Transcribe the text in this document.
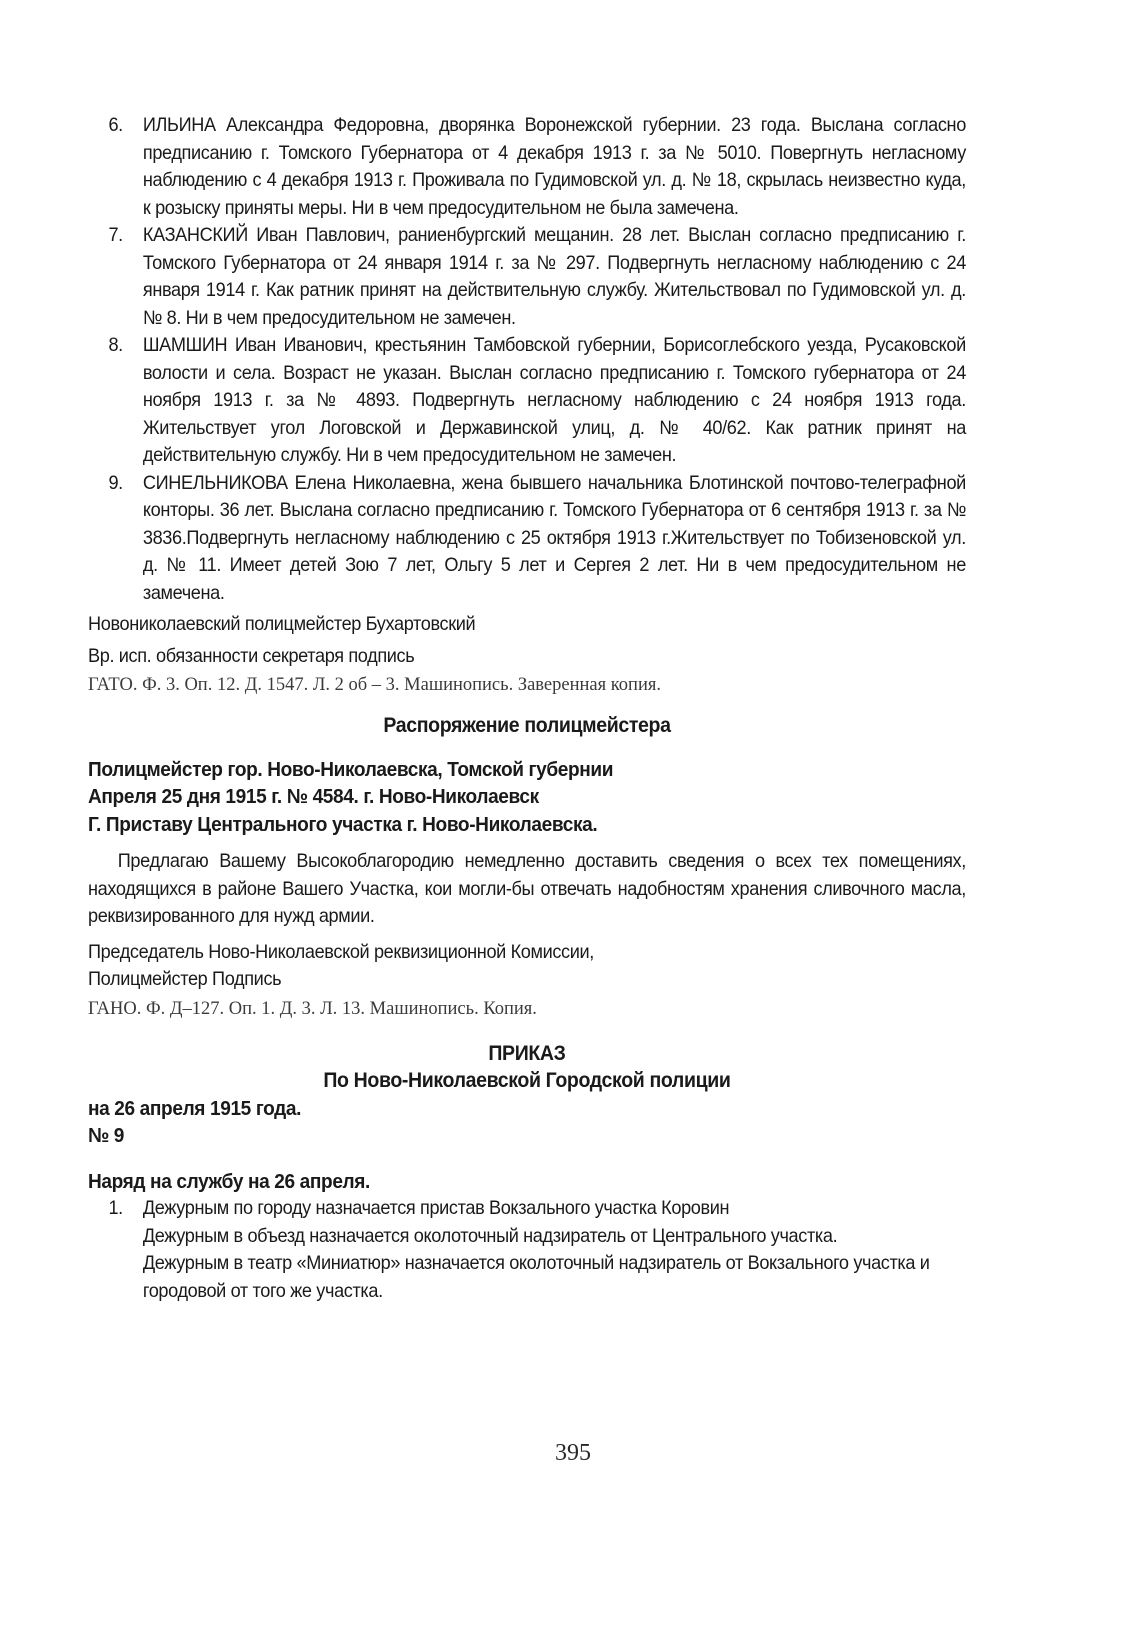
6.	ИЛЬИНА Александра Федоровна, дворянка Воронежской губернии. 23 года. Выслана согласно предписанию г. Томского Губернатора от 4 декабря 1913 г. за № 5010. Повергнуть негласному наблюдению с 4 декабря 1913 г. Проживала по Гудимовской ул. д. № 18, скрылась неизвестно куда, к розыску приняты меры. Ни в чем предосудительном не была замечена.
7.	КАЗАНСКИЙ Иван Павлович, раниенбургский мещанин. 28 лет. Выслан согласно предписанию г. Томского Губернатора от 24 января 1914 г. за № 297. Подвергнуть негласному наблюдению с 24 января 1914 г. Как ратник принят на действительную службу. Жительствовал по Гудимовской ул. д. № 8. Ни в чем предосудительном не замечен.
8.	ШАМШИН Иван Иванович, крестьянин Тамбовской губернии, Борисоглебского уезда, Русаковской волости и села. Возраст не указан. Выслан согласно предписанию г. Томского губернатора от 24 ноября 1913 г. за № 4893. Подвергнуть негласному наблюдению с 24 ноября 1913 года. Жительствует угол Логовской и Державинской улиц, д. № 40/62. Как ратник принят на действительную службу. Ни в чем предосудительном не замечен.
9.	СИНЕЛЬНИКОВА Елена Николаевна, жена бывшего начальника Блотинской почтово-телеграфной конторы. 36 лет. Выслана согласно предписанию г. Томского Губернатора от 6 сентября 1913 г. за № 3836.Подвергнуть негласному наблюдению с 25 октября 1913 г.Жительствует по Тобизеновской ул. д. № 11. Имеет детей Зою 7 лет, Ольгу 5 лет и Сергея 2 лет. Ни в чем предосудительном не замечена.

Новониколаевский полицмейстер Бухартовский

Вр. исп. обязанности секретаря подпись

ГАТО. Ф. 3. Оп. 12. Д. 1547. Л. 2 об – 3. Машинопись. Заверенная копия.

Распоряжение полицмейстера

Полицмейстер гор. Ново-Николаевска, Томской губернии

Апреля 25 дня 1915 г. № 4584. г. Ново-Николаевск

Г. Приставу Центрального участка г. Ново-Николаевска.

Предлагаю Вашему Высокоблагородию немедленно доставить сведения о всех тех помещениях, находящихся в районе Вашего Участка, кои могли-бы отвечать надобностям хранения сливочного масла, реквизированного для нужд армии.

Председатель Ново-Николаевской реквизиционной Комиссии,

Полицмейстер Подпись

ГАНО. Ф. Д–127. Оп. 1. Д. 3. Л. 13. Машинопись. Копия.

ПРИКАЗ

По Ново-Николаевской Городской полиции

на 26 апреля 1915 года.

№ 9

Наряд на службу на 26 апреля.

1.	Дежурным по городу назначается пристав Вокзального участка Коровин

Дежурным в объезд назначается околоточный надзиратель от Центрального участка.

Дежурным в театр «Миниатюр» назначается околоточный надзиратель от Вокзального участка и городовой от того же участка.

395
